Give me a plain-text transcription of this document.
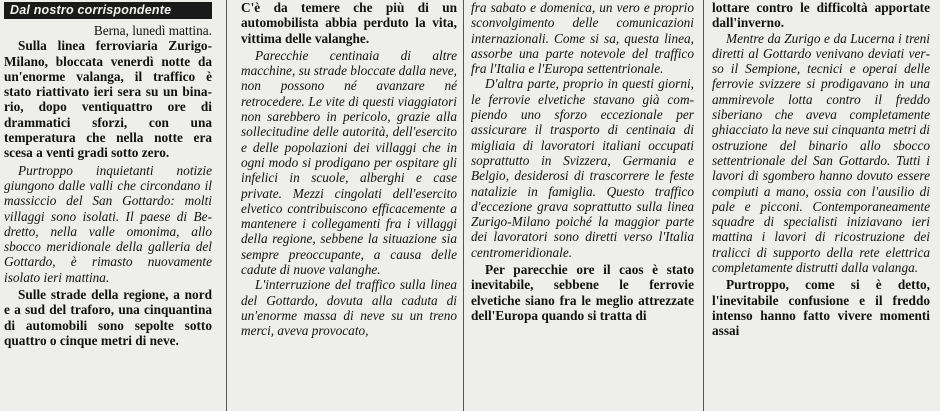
Dal nostro corrispondente

Berna, lunedì mattina.

Sulla linea ferroviaria Zurigo-Milano, bloccata venerdì notte da un'enorme valanga, il traffico è stato riattivato ieri sera su un binario, dopo ventiquattro ore di drammatici sforzi, con una temperatura che nella notte era scesa a venti gradi sotto zero.

Purtroppo inquietanti notizie giungono dalle valli che circondano il massiccio del San Gottardo: molti villaggi sono isolati. Il paese di Bedretto, nella valle omonima, allo sbocco meridionale della galleria del Gottardo, è rimasto nuovamente isolato ieri mattina.

Sulle strade della regione, a nord e a sud del traforo, una cinquantina di automobili sono sepolte sotto quattro o cinque metri di neve.

C'è da temere che più di un automobilista abbia perduto la vita, vittima delle valanghe.

Parecchie centinaia di altre macchine, su strade bloccate dalla neve, non possono né avanzare né retrocedere. Le vite di questi viaggiatori non sarebbero in pericolo, grazie alla sollecitudine delle autorità, dell'esercito e delle popolazioni dei villaggi che in ogni modo si prodigano per ospitare gli infelici in scuole, alberghi e case private. Mezzi cingolati dell'esercito elvetico contribuiscono efficacemente a mantenere i collegamenti fra i villaggi della regione, sebbene la situazione sia sempre preoccupante, a causa delle cadute di nuove valanghe.

L'interruzione del traffico sulla linea del Gottardo, dovuta alla caduta di un'enorme massa di neve su un treno merci, aveva provocato,

fra sabato e domenica, un vero e proprio sconvolgimento delle comunicazioni internazionali. Come si sa, questa linea, assorbe una parte notevole del traffico fra l'Italia e l'Europa settentrionale.

D'altra parte, proprio in questi giorni, le ferrovie elvetiche stavano già compiendo uno sforzo eccezionale per assicurare il trasporto di centinaia di migliaia di lavoratori italiani occupati soprattutto in Svizzera, Germania e Belgio, desiderosi di trascorrere le feste natalizie in famiglia. Questo traffico d'eccezione grava soprattutto sulla linea Zurigo-Milano poiché la maggior parte dei lavoratori sono diretti verso l'Italia centromeridionale.

Per parecchie ore il caos è stato inevitabile, sebbene le ferrovie elvetiche siano fra le meglio attrezzate dell'Europa quando si tratta di

lottare contro le difficoltà apportate dall'inverno.

Mentre da Zurigo e da Lucerna i treni diretti al Gottardo venivano deviati verso il Sempione, tecnici e operai delle ferrovie svizzere si prodigavano in una ammirevole lotta contro il freddo siberiano che aveva completamente ghiacciato la neve sui cinquanta metri di ostruzione del binario allo sbocco settentrionale del San Gottardo. Tutti i lavori di sgombero hanno dovuto essere compiuti a mano, ossia con l'ausilio di pale e picconi. Contemporaneamente squadre di specialisti iniziavano ieri mattina i lavori di ricostruzione dei tralicci di supporto della rete elettrica completamente distrutti dalla valanga.

Purtroppo, come si è detto, l'inevitabile confusione e il freddo intenso hanno fatto vivere momenti assai
